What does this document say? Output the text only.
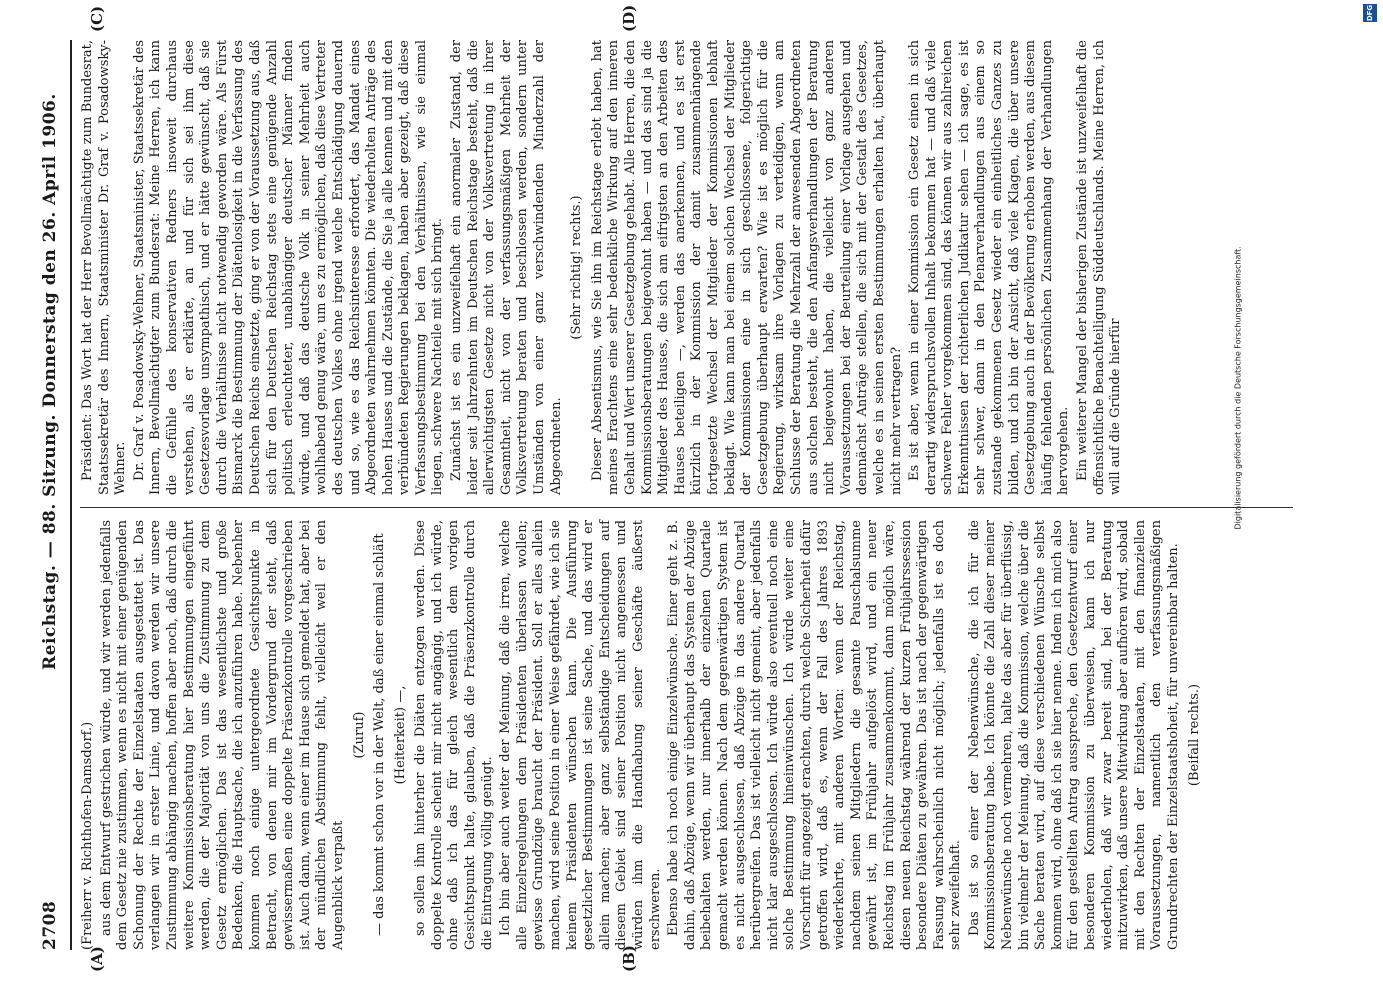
2708
Reichstag. — 88. Sitzung. Donnerstag den 26. April 1906.
(A)	(B)
(C)	(D)

(Freiherr v. Richthofen-Damsdorf.) aus dem Entwurf gestrichen würde, und wir werden jedenfalls dem Gesetz nie zustimmen, wenn es nicht mit einer genügenden Schonung der Rechte der Einzelstaaten ausgestattet ist. Das verlangen wir in erster Linie, und davon werden wir unsere Zustimmung abhängig machen, hoffen aber noch, daß durch die weitere Kommissionsberatung hier Bestimmungen eingeführt werden, die der Majorität von uns die Zustimmung zu dem Gesetz ermöglichen. Das ist das wesentlichste und große Bedenken, die Hauptsache, die ich anzuführen habe. Nebenher kommen noch einige untergeordnete Gesichtspunkte in Betracht, von denen mir im Vordergrund der steht, daß gewissermaßen eine doppelte Präsenzkontrolle vorgeschrieben ist. Auch dann, wenn einer im Hause sich gemeldet hat, aber bei der mündlichen Abstimmung fehlt, vielleicht weil er den Augenblick verpaßt

(Zuruf) — das kommt schon vor in der Welt, daß einer einmal schläft (Heiterkeit) —, so sollen ihm hinterher die Diäten entzogen werden. Diese doppelte Kontrolle scheint mir nicht angängig, und ich würde, ohne daß ich das für gleich wesentlich dem vorigen Gesichtspunkt halte, glauben, daß die Präsenzkontrolle durch die Eintragung völlig genügt. Ich bin aber auch weiter der Meinung, daß die irren, welche alle Einzelregelungen dem Präsidenten überlassen wollen; gewisse Grundzüge braucht der Präsident. Soll er alles allein machen, wird seine Position in einer Weise gefährdet, wie ich sie keinem Präsidenten wünschen kann. Die Ausführung gesetzlicher Bestimmungen ist seine Sache, und das wird er allein machen; aber ganz selbständige Entscheidungen auf diesem Gebiet sind seiner Position nicht angemessen und würden ihm die Handhabung seiner Geschäfte äußerst erschweren. Ebenso habe ich noch einige Einzelwünsche. Einer geht z. B. dahin, daß Abzüge, wenn wir überhaupt das System der Abzüge beibehalten werden, nur innerhalb der einzelnen Quartale gemacht werden können. Nach dem gegenwärtigen System ist es nicht ausgeschlossen, daß Abzüge in das andere Quartal herübergreifen. Das ist vielleicht nicht gemeint, aber jedenfalls nicht klar ausgeschlossen. Ich würde also eventuell noch eine solche Bestimmung hineinwünschen. Ich würde weiter eine Vorschrift für angezeigt erachten, durch welche Sicherheit dafür getroffen wird, daß es, wenn der Fall des Jahres 1893 wiederkehrte, mit anderen Worten: wenn der Reichstag, nachdem seinen Mitgliedern die gesamte Pauschalsumme gewährt ist, im Frühjahr aufgelöst wird, und ein neuer Reichstag im Frühjahr zusammenkommt, dann möglich wäre, diesen neuen Reichstag während der kurzen Frühjahrssession besondere Diäten zu gewähren. Das ist nach der gegenwärtigen Fassung wahrscheinlich nicht möglich; jedenfalls ist es doch sehr zweifelhaft. Das ist so einer der Nebenwünsche, die ich für die Kommissionsberatung habe. Ich könnte die Zahl dieser meiner Nebenwünsche noch vermehren, halte das aber für überflüssig, bin vielmehr der Meinung, daß die Kommission, welche über die Sache beraten wird, auf diese verschiedenen Wünsche selbst kommen wird, ohne daß ich sie hier nenne. Indem ich mich also für den gestellten Antrag ausspreche, den Gesetzentwurf einer besonderen Kommission zu überweisen, kann ich nur wiederholen, daß wir zwar bereit sind, bei der Beratung mitzuwirken, daß unsere Mitwirkung aber aufhören wird, sobald mit den Rechten der Einzelstaaten, mit den finanziellen Voraussetzungen, namentlich den verfassungsmäßigen Grundrechten der Einzelstaatshoheit, für unvereinbar halten. (Beifall rechts.)

Präsident: Das Wort hat der Herr Bevollmächtigte zum Bundesrat, Staatssekretär des Innern, Staatsminister Dr. Graf v. Posadowsky-Wehner. Dr. Graf v. Posadowsky-Wehner, Staatsminister, Staatssekretär des Innern, Bevollmächtigter zum Bundesrat: Meine Herren, ich kann die Gefühle des konservativen Redners insoweit durchaus verstehen, als er erklärte, an und für sich sei ihm diese Gesetzesvorlage unsympathisch, und er hätte gewünscht, daß sie durch die Verhältnisse nicht notwendig geworden wäre. Als Fürst Bismarck die Bestimmung der Diätenlosigkeit in die Verfassung des Deutschen Reichs einsetzte, ging er von der Voraussetzung aus, daß sich für den Deutschen Reichstag stets eine genügende Anzahl politisch erleuchteter, unabhängiger deutscher Männer finden würde, und daß das deutsche Volk in seiner Mehrheit auch wohlhabend genug wäre, um es zu ermöglichen, daß diese Vertreter des deutschen Volkes ohne irgend welche Entschädigung dauernd und so, wie es das Reichsinteresse erfordert, das Mandat eines Abgeordneten wahrnehmen könnten. Die wiederholten Anträge des hohen Hauses und die Zustände, die Sie ja alle kennen und mit den verbündeten Regierungen beklagen, haben aber gezeigt, daß diese Verfassungsbestimmung bei den Verhältnissen, wie sie einmal liegen, schwere Nachteile mit sich bringt. Zunächst ist es ein unzweifelhaft ein anormaler Zustand, der leider seit Jahrzehnten im Deutschen Reichstage besteht, daß die allerwichtigsten Gesetze nicht von der Volksvertretung in ihrer Gesamtheit, nicht von der verfassungsmäßigen Mehrheit der Volksvertretung beraten und beschlossen werden, sondern unter Umständen von einer ganz verschwindenden Minderzahl der Abgeordneten.

(Sehr richtig! rechts.) Dieser Absentismus, wie Sie ihn im Reichstage erlebt haben, hat meines Erachtens eine sehr bedenkliche Wirkung auf den inneren Gehalt und Wert unserer Gesetzgebung gehabt. Alle Herren, die den Kommissionsberatungen beigewohnt haben — und das sind ja die Mitglieder des Hauses, die sich am eifrigsten an den Arbeiten des Hauses beteiligen —, werden das anerkennen, und es ist erst kürzlich in der Kommission der damit zusammenhängende fortgesetzte Wechsel der Mitglieder der Kommissionen lebhaft beklagt. Wie kann man bei einem solchen Wechsel der Mitglieder der Kommissionen eine in sich geschlossene, folgerichtige Gesetzgebung überhaupt erwarten? Wie ist es möglich für die Regierung, wirksam ihre Vorlagen zu verteidigen, wenn am Schlusse der Beratung die Mehrzahl der anwesenden Abgeordneten aus solchen besteht, die den Anfangsverhandlungen der Beratung nicht beigewohnt haben, die vielleicht von ganz anderen Voraussetzungen bei der Beurteilung einer Vorlage ausgehen und demnächst Anträge stellen, die sich mit der Gestalt des Gesetzes, welche es in seinen ersten Bestimmungen erhalten hat, überhaupt nicht mehr vertragen? Es ist aber, wenn in einer Kommission ein Gesetz einen in sich derartig widerspruchsvollen Inhalt bekommen hat — und daß viele schwere Fehler vorgekommen sind, das können wir aus zahlreichen Erkenntnissen der richterlichen Judikatur sehen — ich sage, es ist sehr schwer, dann in den Plenarverhandlungen aus einem so zustande gekommenen Gesetz wieder ein einheitliches Ganzes zu bilden, und ich bin der Ansicht, daß viele Klagen, die über unsere Gesetzgebung auch in der Bevölkerung erhoben werden, aus diesem häufig fehlenden persönlichen Zusammenhang der Verhandlungen hervorgehen. Ein weiterer Mangel der bisherigen Zustände ist unzweifelhaft die offensichtliche Benachteiligung Süddeutschlands. Meine Herren, ich will auf die Gründe hierfür	Digitalisierung gefördert durch die Deutsche Forschungsgemeinschaft.
DFG
